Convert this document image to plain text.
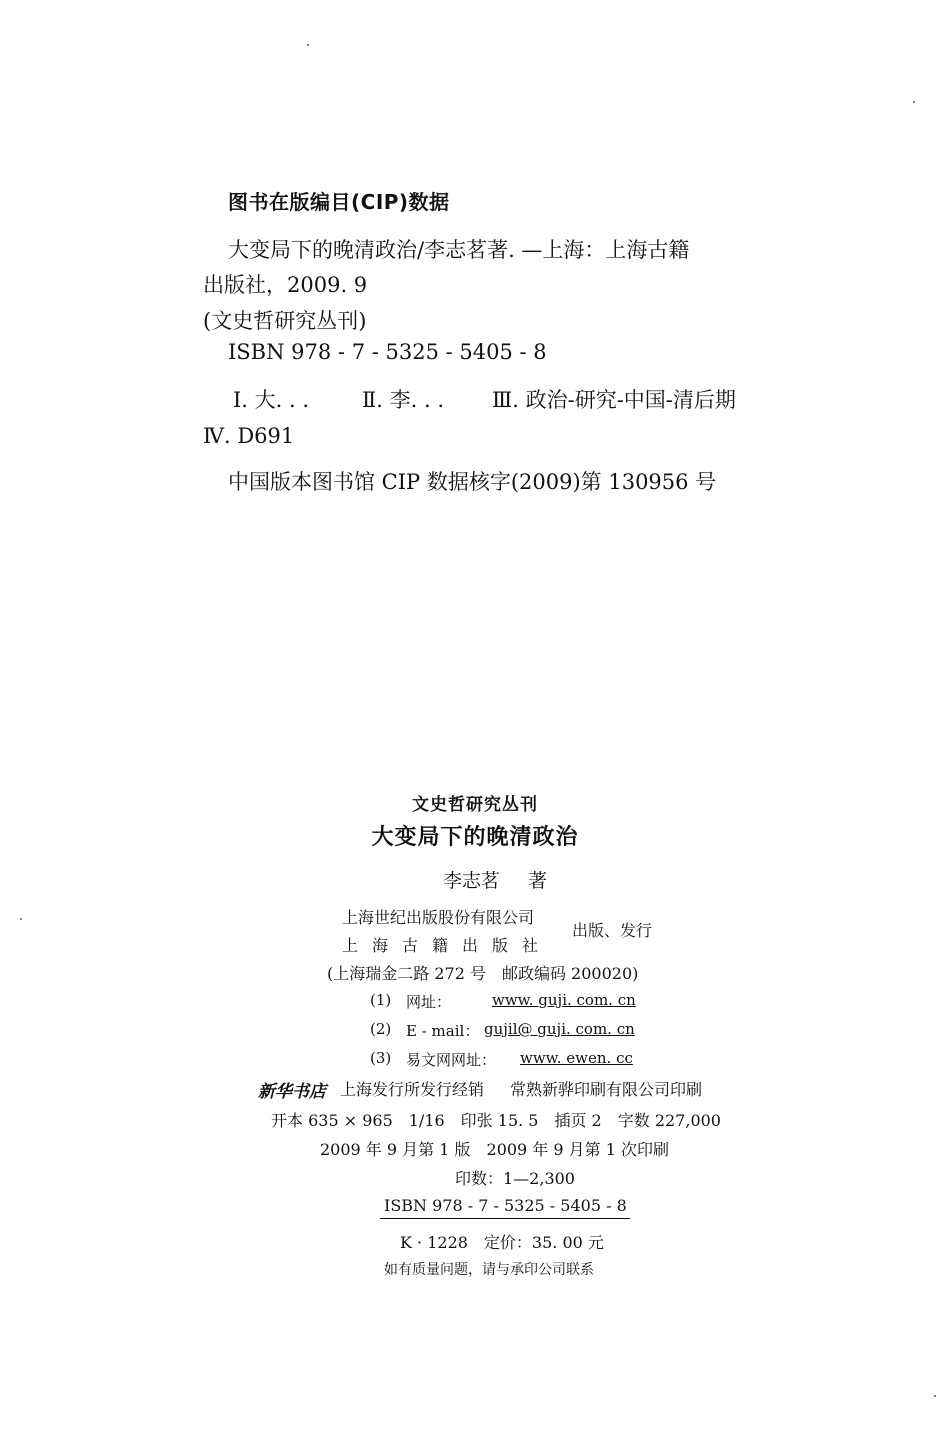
图书在版编目(CIP)数据
大变局下的晚清政治/李志茗著. —上海：上海古籍
出版社，2009. 9
(文史哲研究丛刊)
ISBN 978 - 7 - 5325 - 5405 - 8
Ⅰ. 大. . .	Ⅱ. 李. . . Ⅲ. 政治-研究-中国-清后期
Ⅳ. D691
中国版本图书馆 CIP 数据核字(2009)第 130956 号
文史哲研究丛刊
大变局下的晚清政治
李志茗 著
上海世纪出版股份有限公司
上海古籍出版社
出版、发行
(上海瑞金二路 272 号　邮政编码 200020)
(1) 网址：	www. guji. com. cn
(2) E - mail： gujil@ guji. com. cn
(3) 易文网网址： www. ewen. cc
新华书店 上海发行所发行经销 常熟新骅印刷有限公司印刷
开本 635 × 965　1/16　印张 15. 5　插页 2　字数 227,000
2009 年 9 月第 1 版　2009 年 9 月第 1 次印刷
印数：1—2,300
ISBN 978 - 7 - 5325 - 5405 - 8
K · 1228　定价：35. 00 元
如有质量问题，请与承印公司联系
